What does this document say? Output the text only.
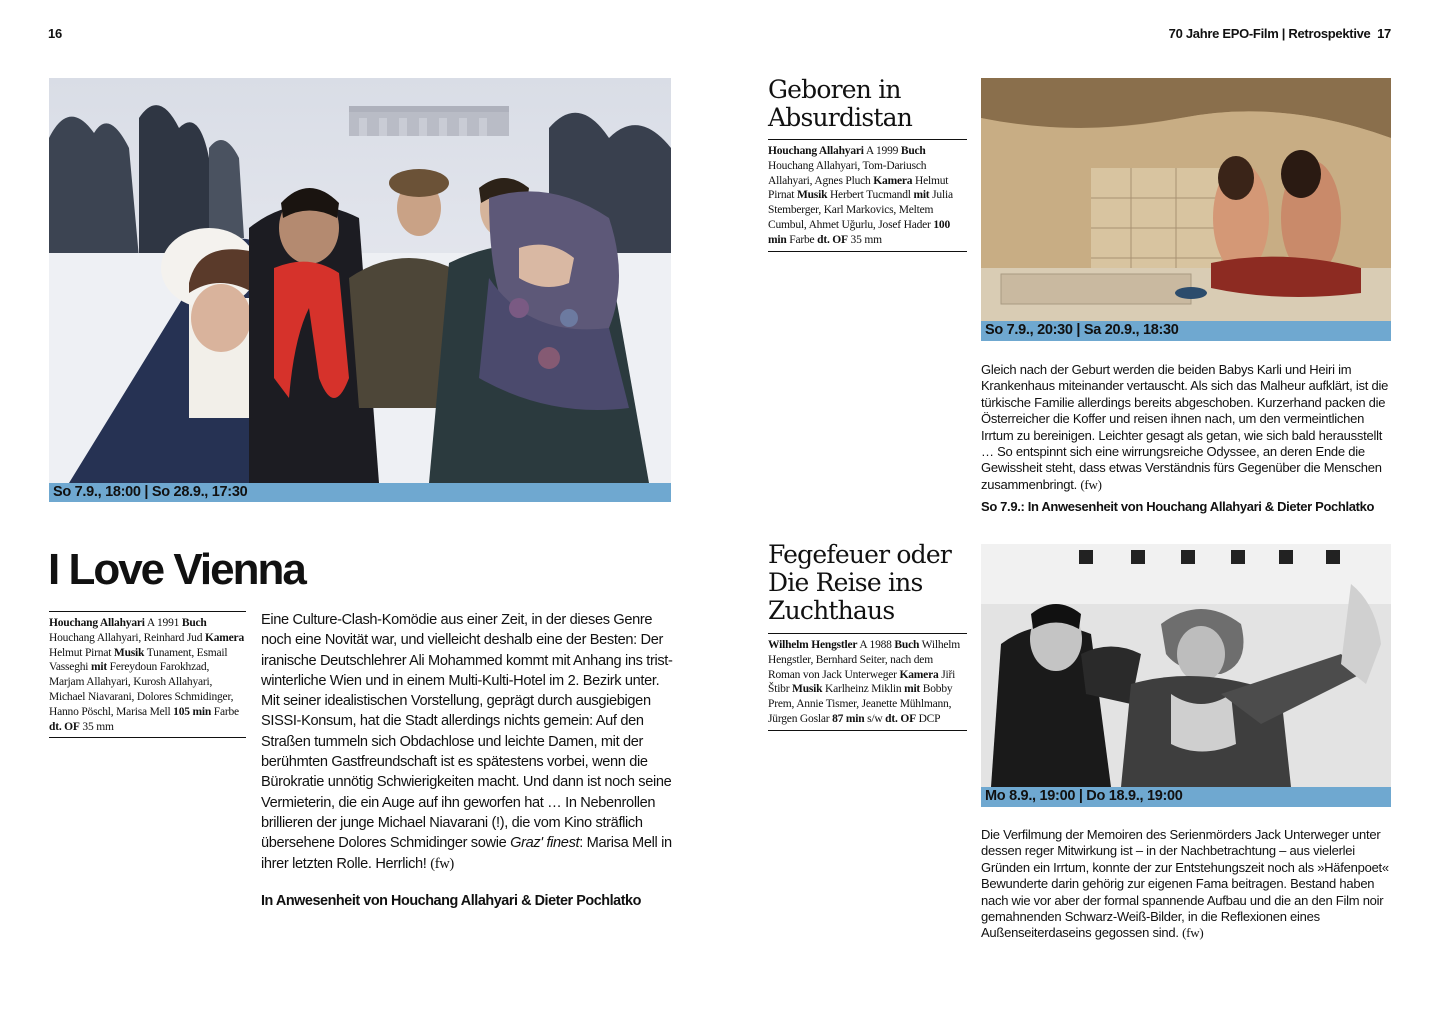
16	70 Jahre EPO-Film | Retrospektive 17
So 7.9., 18:00 | So 28.9., 17:30
I Love Vienna
Houchang Allahyari A 1991 Buch Houchang Allahyari, Reinhard Jud Kamera Helmut Pirnat Musik Tunament, Esmail Vasseghi mit Fereydoun Farokhzad, Marjam Allahyari, Kurosh Allahyari, Michael Niavarani, Dolores Schmidinger, Hanno Pöschl, Marisa Mell 105 min Farbe dt. OF 35 mm
Eine Culture-Clash-Komödie aus einer Zeit, in der dieses Genre noch eine Novität war, und vielleicht deshalb eine der Besten: Der iranische Deutschlehrer Ali Mohammed kommt mit Anhang ins trist-winterliche Wien und in einem Multi-Kulti-Hotel im 2. Bezirk unter. Mit seiner idealistischen Vorstellung, geprägt durch ausgiebigen SISSI-Konsum, hat die Stadt allerdings nichts gemein: Auf den Straßen tummeln sich Obdachlose und leichte Damen, mit der berühmten Gastfreundschaft ist es spätestens vorbei, wenn die Bürokratie unnötig Schwierigkeiten macht. Und dann ist noch seine Vermieterin, die ein Auge auf ihn geworfen hat … In Nebenrollen brillieren der junge Michael Niavarani (!), die vom Kino sträflich übersehene Dolores Schmidinger sowie Graz' finest: Marisa Mell in ihrer letzten Rolle. Herrlich! (fw)
In Anwesenheit von Houchang Allahyari & Dieter Pochlatko
Geboren in
Absurdistan
Houchang Allahyari A 1999 Buch Houchang Allahyari, Tom-Dariusch Allahyari, Agnes Pluch Kamera Helmut Pirnat Musik Herbert Tucmandl mit Julia Stemberger, Karl Markovics, Meltem Cumbul, Ahmet Uğurlu, Josef Hader 100 min Farbe dt. OF 35 mm
So 7.9., 20:30 | Sa 20.9., 18:30
Gleich nach der Geburt werden die beiden Babys Karli und Heiri im Krankenhaus miteinander vertauscht. Als sich das Malheur aufklärt, ist die türkische Familie allerdings bereits abgeschoben. Kurzerhand packen die Österreicher die Koffer und reisen ihnen nach, um den vermeintlichen Irrtum zu bereinigen. Leichter gesagt als getan, wie sich bald herausstellt … So entspinnt sich eine wirrungsreiche Odyssee, an deren Ende die Gewissheit steht, dass etwas Verständnis fürs Gegenüber die Menschen zusammenbringt. (fw)
So 7.9.: In Anwesenheit von Houchang Allahyari & Dieter Pochlatko
Fegefeuer oder
Die Reise ins
Zuchthaus
Wilhelm Hengstler A 1988 Buch Wilhelm Hengstler, Bernhard Seiter, nach dem Roman von Jack Unterweger Kamera Jiři Štibr Musik Karlheinz Miklin mit Bobby Prem, Annie Tismer, Jeanette Mühlmann, Jürgen Goslar 87 min s/w dt. OF DCP
Mo 8.9., 19:00 | Do 18.9., 19:00
Die Verfilmung der Memoiren des Serienmörders Jack Unterweger unter dessen reger Mitwirkung ist – in der Nachbetrachtung – aus vielerlei Gründen ein Irrtum, konnte der zur Entstehungszeit noch als »Häfenpoet« Bewunderte darin gehörig zur eigenen Fama beitragen. Bestand haben nach wie vor aber der formal spannende Aufbau und die an den Film noir gemahnenden Schwarz-Weiß-Bilder, in die Reflexionen eines Außenseiterdaseins gegossen sind. (fw)
